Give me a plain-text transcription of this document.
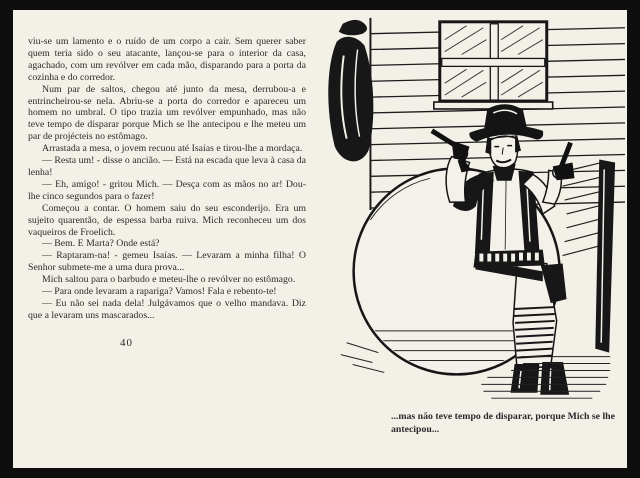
viu-se um lamento e o ruído de um corpo a cair. Sem querer saber quem teria sido o seu atacante, lançou-se para o interior da casa, agachado, com um revólver em cada mão, disparando para a porta da cozinha e do corredor.

Num par de saltos, chegou até junto da mesa, derrubou-a e entrincheirou-se nela. Abriu-se a porta do corredor e apareceu um homem no umbral. O tipo trazia um revólver empunhado, mas não teve tempo de disparar porque Mich se lhe antecipou e lhe meteu um par de projécteis no estômago.

Arrastada a mesa, o jovem recuou até Isaías e tirou-lhe a mordaça.

— Resta um! - disse o ancião. — Está na escada que leva à casa da lenha!

— Eh, amigo! - gritou Mich. — Desça com as mãos no ar! Dou-lhe cinco segundos para o fazer!

Começou a contar. O homem saiu do seu esconderijo. Era um sujeito quarentão, de espessa barba ruiva. Mich reconheceu um dos vaqueiros de Froelich.

— Bem. E Marta? Onde está?

— Raptaram-na! - gemeu Isaías. — Levaram a minha filha! O Senhor submete-me a uma dura prova...

Mich saltou para o barbudo e meteu-lhe o revólver no estômago.

— Para onde levaram a rapariga? Vamos! Fala e rebento-te!

— Eu não sei nada dela! Julgávamos que o velho mandava. Diz que a levaram uns mascarados...

40
...mas não teve tempo de disparar, porque Mich se lhe antecipou...
